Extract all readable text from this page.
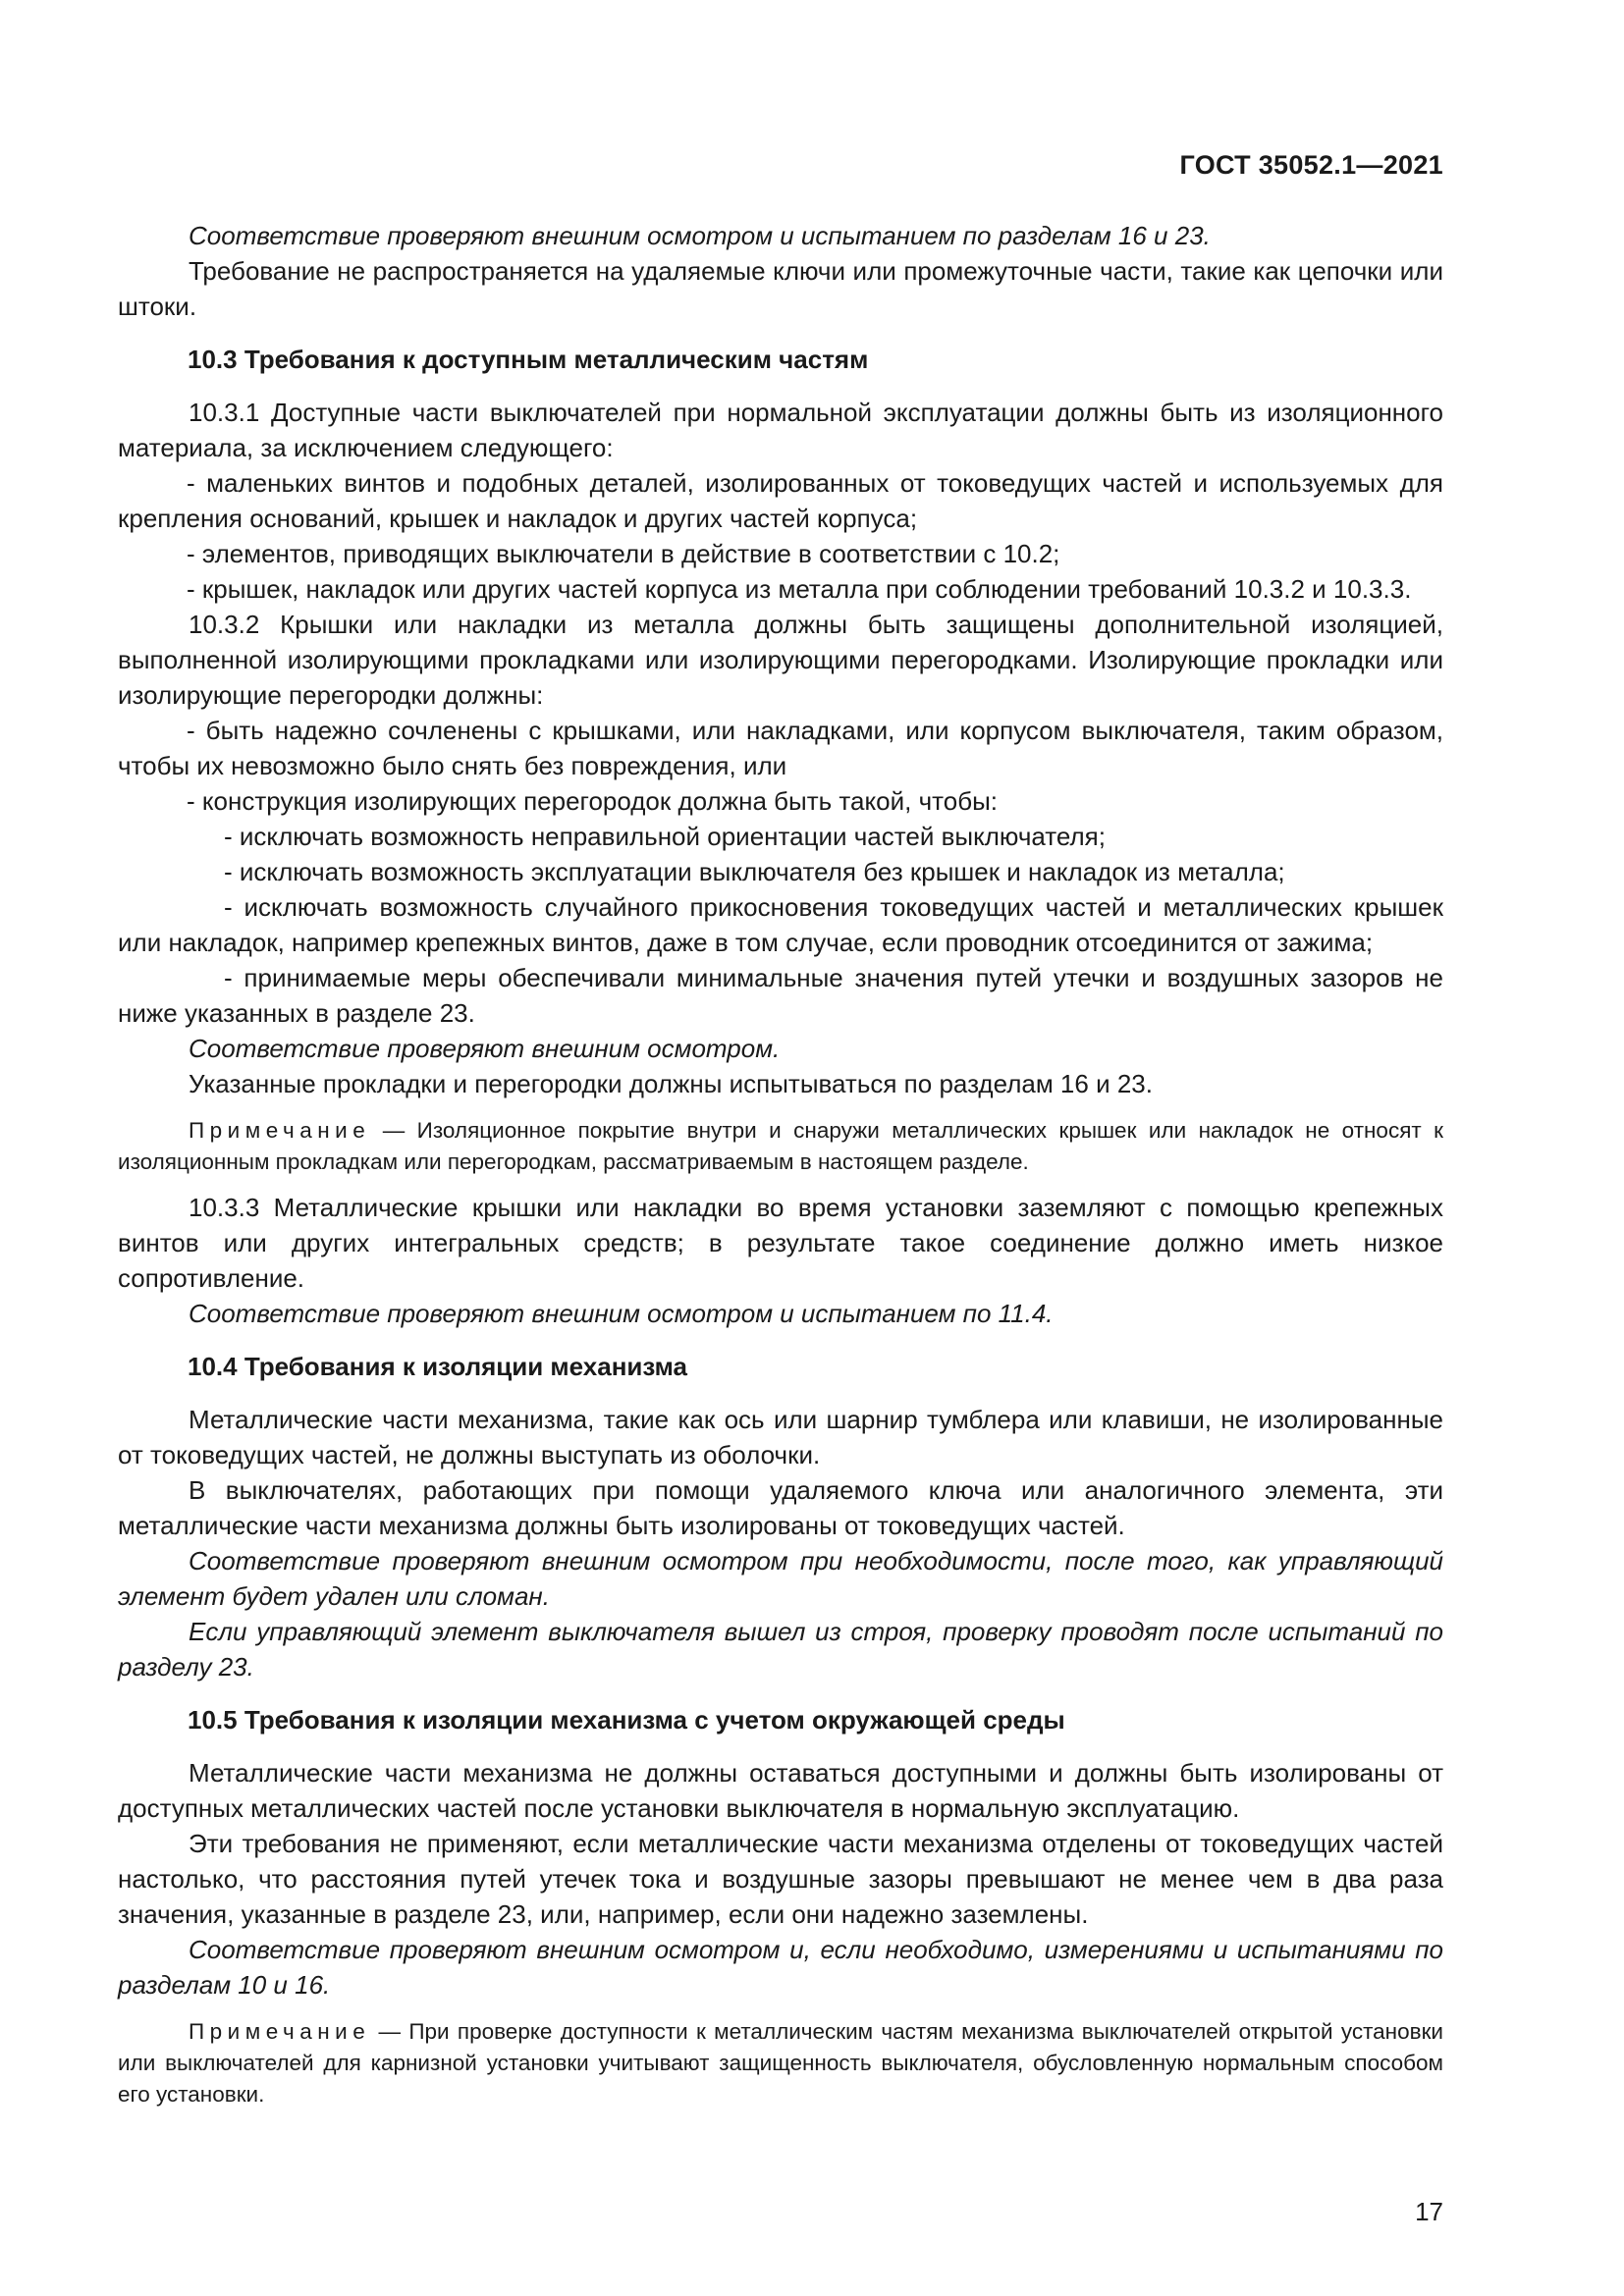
ГОСТ 35052.1—2021

Соответствие проверяют внешним осмотром и испытанием по разделам 16 и 23.

Требование не распространяется на удаляемые ключи или промежуточные части, такие как цепочки или штоки.

10.3 Требования к доступным металлическим частям

10.3.1 Доступные части выключателей при нормальной эксплуатации должны быть из изоляционного материала, за исключением следующего:

- маленьких винтов и подобных деталей, изолированных от токоведущих частей и используемых для крепления оснований, крышек и накладок и других частей корпуса;

- элементов, приводящих выключатели в действие в соответствии с 10.2;

- крышек, накладок или других частей корпуса из металла при соблюдении требований 10.3.2 и 10.3.3.

10.3.2 Крышки или накладки из металла должны быть защищены дополнительной изоляцией, выполненной изолирующими прокладками или изолирующими перегородками. Изолирующие прокладки или изолирующие перегородки должны:

- быть надежно сочленены с крышками, или накладками, или корпусом выключателя, таким образом, чтобы их невозможно было снять без повреждения, или

- конструкция изолирующих перегородок должна быть такой, чтобы:

- исключать возможность неправильной ориентации частей выключателя;

- исключать возможность эксплуатации выключателя без крышек и накладок из металла;

- исключать возможность случайного прикосновения токоведущих частей и металлических крышек или накладок, например крепежных винтов, даже в том случае, если проводник отсоединится от зажима;

- принимаемые меры обеспечивали минимальные значения путей утечки и воздушных зазоров не ниже указанных в разделе 23.

Соответствие проверяют внешним осмотром.

Указанные прокладки и перегородки должны испытываться по разделам 16 и 23.

Примечание — Изоляционное покрытие внутри и снаружи металлических крышек или накладок не относят к изоляционным прокладкам или перегородкам, рассматриваемым в настоящем разделе.

10.3.3 Металлические крышки или накладки во время установки заземляют с помощью крепежных винтов или других интегральных средств; в результате такое соединение должно иметь низкое сопротивление.

Соответствие проверяют внешним осмотром и испытанием по 11.4.

10.4 Требования к изоляции механизма

Металлические части механизма, такие как ось или шарнир тумблера или клавиши, не изолированные от токоведущих частей, не должны выступать из оболочки.

В выключателях, работающих при помощи удаляемого ключа или аналогичного элемента, эти металлические части механизма должны быть изолированы от токоведущих частей.

Соответствие проверяют внешним осмотром при необходимости, после того, как управляющий элемент будет удален или сломан.

Если управляющий элемент выключателя вышел из строя, проверку проводят после испытаний по разделу 23.

10.5 Требования к изоляции механизма с учетом окружающей среды

Металлические части механизма не должны оставаться доступными и должны быть изолированы от доступных металлических частей после установки выключателя в нормальную эксплуатацию.

Эти требования не применяют, если металлические части механизма отделены от токоведущих частей настолько, что расстояния путей утечек тока и воздушные зазоры превышают не менее чем в два раза значения, указанные в разделе 23, или, например, если они надежно заземлены.

Соответствие проверяют внешним осмотром и, если необходимо, измерениями и испытаниями по разделам 10 и 16.

Примечание — При проверке доступности к металлическим частям механизма выключателей открытой установки или выключателей для карнизной установки учитывают защищенность выключателя, обусловленную нормальным способом его установки.

17
